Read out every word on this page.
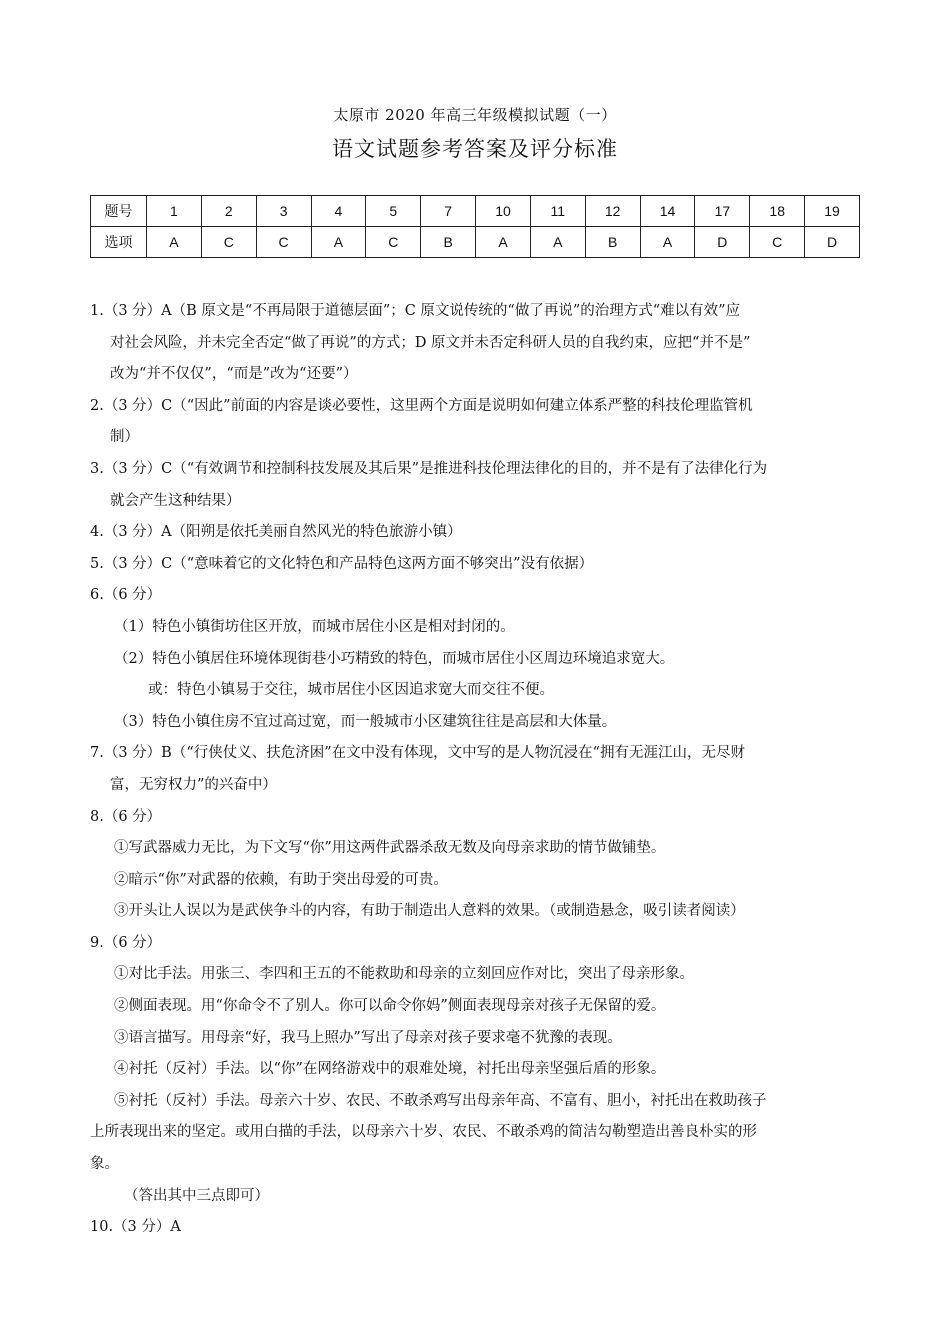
太原市 2020 年高三年级模拟试题（一）
语文试题参考答案及评分标准
题号	1	2	3	4	5	7	10	11	12	14	17	18	19
选项	A	C	C	A	C	B	A	A	B	A	D	C	D

1.（3 分）A（B 原文是“不再局限于道德层面”；C 原文说传统的“做了再说”的治理方式“难以有效”应

对社会风险，并未完全否定“做了再说”的方式；D 原文并未否定科研人员的自我约束，应把“并不是”

改为“并不仅仅”，“而是”改为“还要”）

2.（3 分）C（“因此”前面的内容是谈必要性，这里两个方面是说明如何建立体系严整的科技伦理监管机

制）

3.（3 分）C（“有效调节和控制科技发展及其后果”是推进科技伦理法律化的目的，并不是有了法律化行为

就会产生这种结果）

4.（3 分）A（阳朔是依托美丽自然风光的特色旅游小镇）

5.（3 分）C（“意味着它的文化特色和产品特色这两方面不够突出”没有依据）

6.（6 分）

（1）特色小镇街坊住区开放，而城市居住小区是相对封闭的。

（2）特色小镇居住环境体现街巷小巧精致的特色，而城市居住小区周边环境追求宽大。

或：特色小镇易于交往，城市居住小区因追求宽大而交往不便。

（3）特色小镇住房不宜过高过宽，而一般城市小区建筑往往是高层和大体量。

7.（3 分）B（“行侠仗义、扶危济困”在文中没有体现，文中写的是人物沉浸在“拥有无涯江山，无尽财

富，无穷权力”的兴奋中）

8.（6 分）

①写武器威力无比，为下文写“你”用这两件武器杀敌无数及向母亲求助的情节做铺垫。

②暗示“你”对武器的依赖，有助于突出母爱的可贵。

③开头让人误以为是武侠争斗的内容，有助于制造出人意料的效果。（或制造悬念，吸引读者阅读）

9.（6 分）

①对比手法。用张三、李四和王五的不能救助和母亲的立刻回应作对比，突出了母亲形象。

②侧面表现。用“你命令不了别人。你可以命令你妈”侧面表现母亲对孩子无保留的爱。

③语言描写。用母亲“好，我马上照办”写出了母亲对孩子要求毫不犹豫的表现。

④衬托（反衬）手法。以“你”在网络游戏中的艰难处境，衬托出母亲坚强后盾的形象。

⑤衬托（反衬）手法。母亲六十岁、农民、不敢杀鸡写出母亲年高、不富有、胆小，衬托出在救助孩子

上所表现出来的坚定。或用白描的手法，以母亲六十岁、农民、不敢杀鸡的简洁勾勒塑造出善良朴实的形

象。

（答出其中三点即可）

10.（3 分）A
